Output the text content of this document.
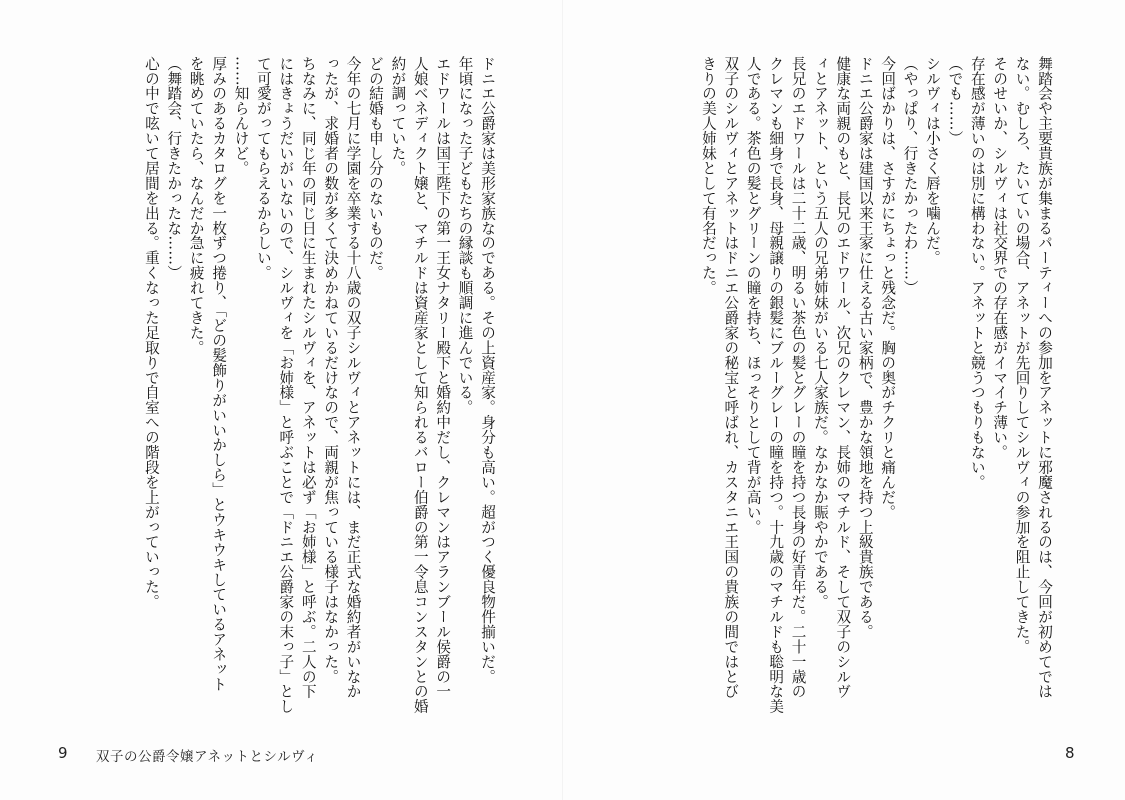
ドニエ公爵家は美形家族なのである。その上資産家。身分も高い。超がつく優良物件揃いだ。
年頃になった子どもたちの縁談も順調に進んでいる。
エドワールは国王陛下の第一王女ナタリー殿下と婚約中だし、クレマンはアランブール侯爵の一
人娘ベネディクト嬢と、マチルドは資産家として知られるバロー伯爵の第一令息コンスタンとの婚
約が調っていた。
どの結婚も申し分のないものだ。
今年の七月に学園を卒業する十八歳の双子シルヴィとアネットには、まだ正式な婚約者がいなか
ったが、求婚者の数が多くて決めかねているだけなので、両親が焦っている様子はなかった。
ちなみに、同じ年の同じ日に生まれたシルヴィを、アネットは必ず「お姉様」と呼ぶ。二人の下
にはきょうだいがいないので、シルヴィを「お姉様」と呼ぶことで「ドニエ公爵家の末っ子」とし
て可愛がってもらえるからしい。
……知らんけど。
厚みのあるカタログを一枚ずつ捲り、「どの髪飾りがいいかしら」とウキウキしているアネット
を眺めていたら、なんだか急に疲れてきた。
（舞踏会、行きたかったな……）
心の中で呟いて居間を出る。重くなった足取りで自室への階段を上がっていった。	舞踏会や主要貴族が集まるパーティーへの参加をアネットに邪魔されるのは、今回が初めてでは
ない。むしろ、たいていの場合、アネットが先回りしてシルヴィの参加を阻止してきた。
そのせいか、シルヴィは社交界での存在感がイマイチ薄い。
存在感が薄いのは別に構わない。アネットと競うつもりもない。
（でも……）
シルヴィは小さく唇を噛んだ。
（やっぱり、行きたかったわ……）
今回ばかりは、さすがにちょっと残念だ。胸の奥がチクリと痛んだ。
ドニエ公爵家は建国以来王家に仕える古い家柄で、豊かな領地を持つ上級貴族である。
健康な両親のもと、長兄のエドワール、次兄のクレマン、長姉のマチルド、そして双子のシルヴ
ィとアネット、という五人の兄弟姉妹がいる七人家族だ。なかなか賑やかである。
長兄のエドワールは二十二歳、明るい茶色の髪とグレーの瞳を持つ長身の好青年だ。二十一歳の
クレマンも細身で長身、母親譲りの銀髪にブルーグレーの瞳を持つ。十九歳のマチルドも聡明な美
人である。茶色の髪とグリーンの瞳を持ち、ほっそりとして背が高い。
双子のシルヴィとアネットはドニエ公爵家の秘宝と呼ばれ、カスタニエ王国の貴族の間ではとび
きりの美人姉妹として有名だった。
9 双子の公爵令嬢アネットとシルヴィ	8
